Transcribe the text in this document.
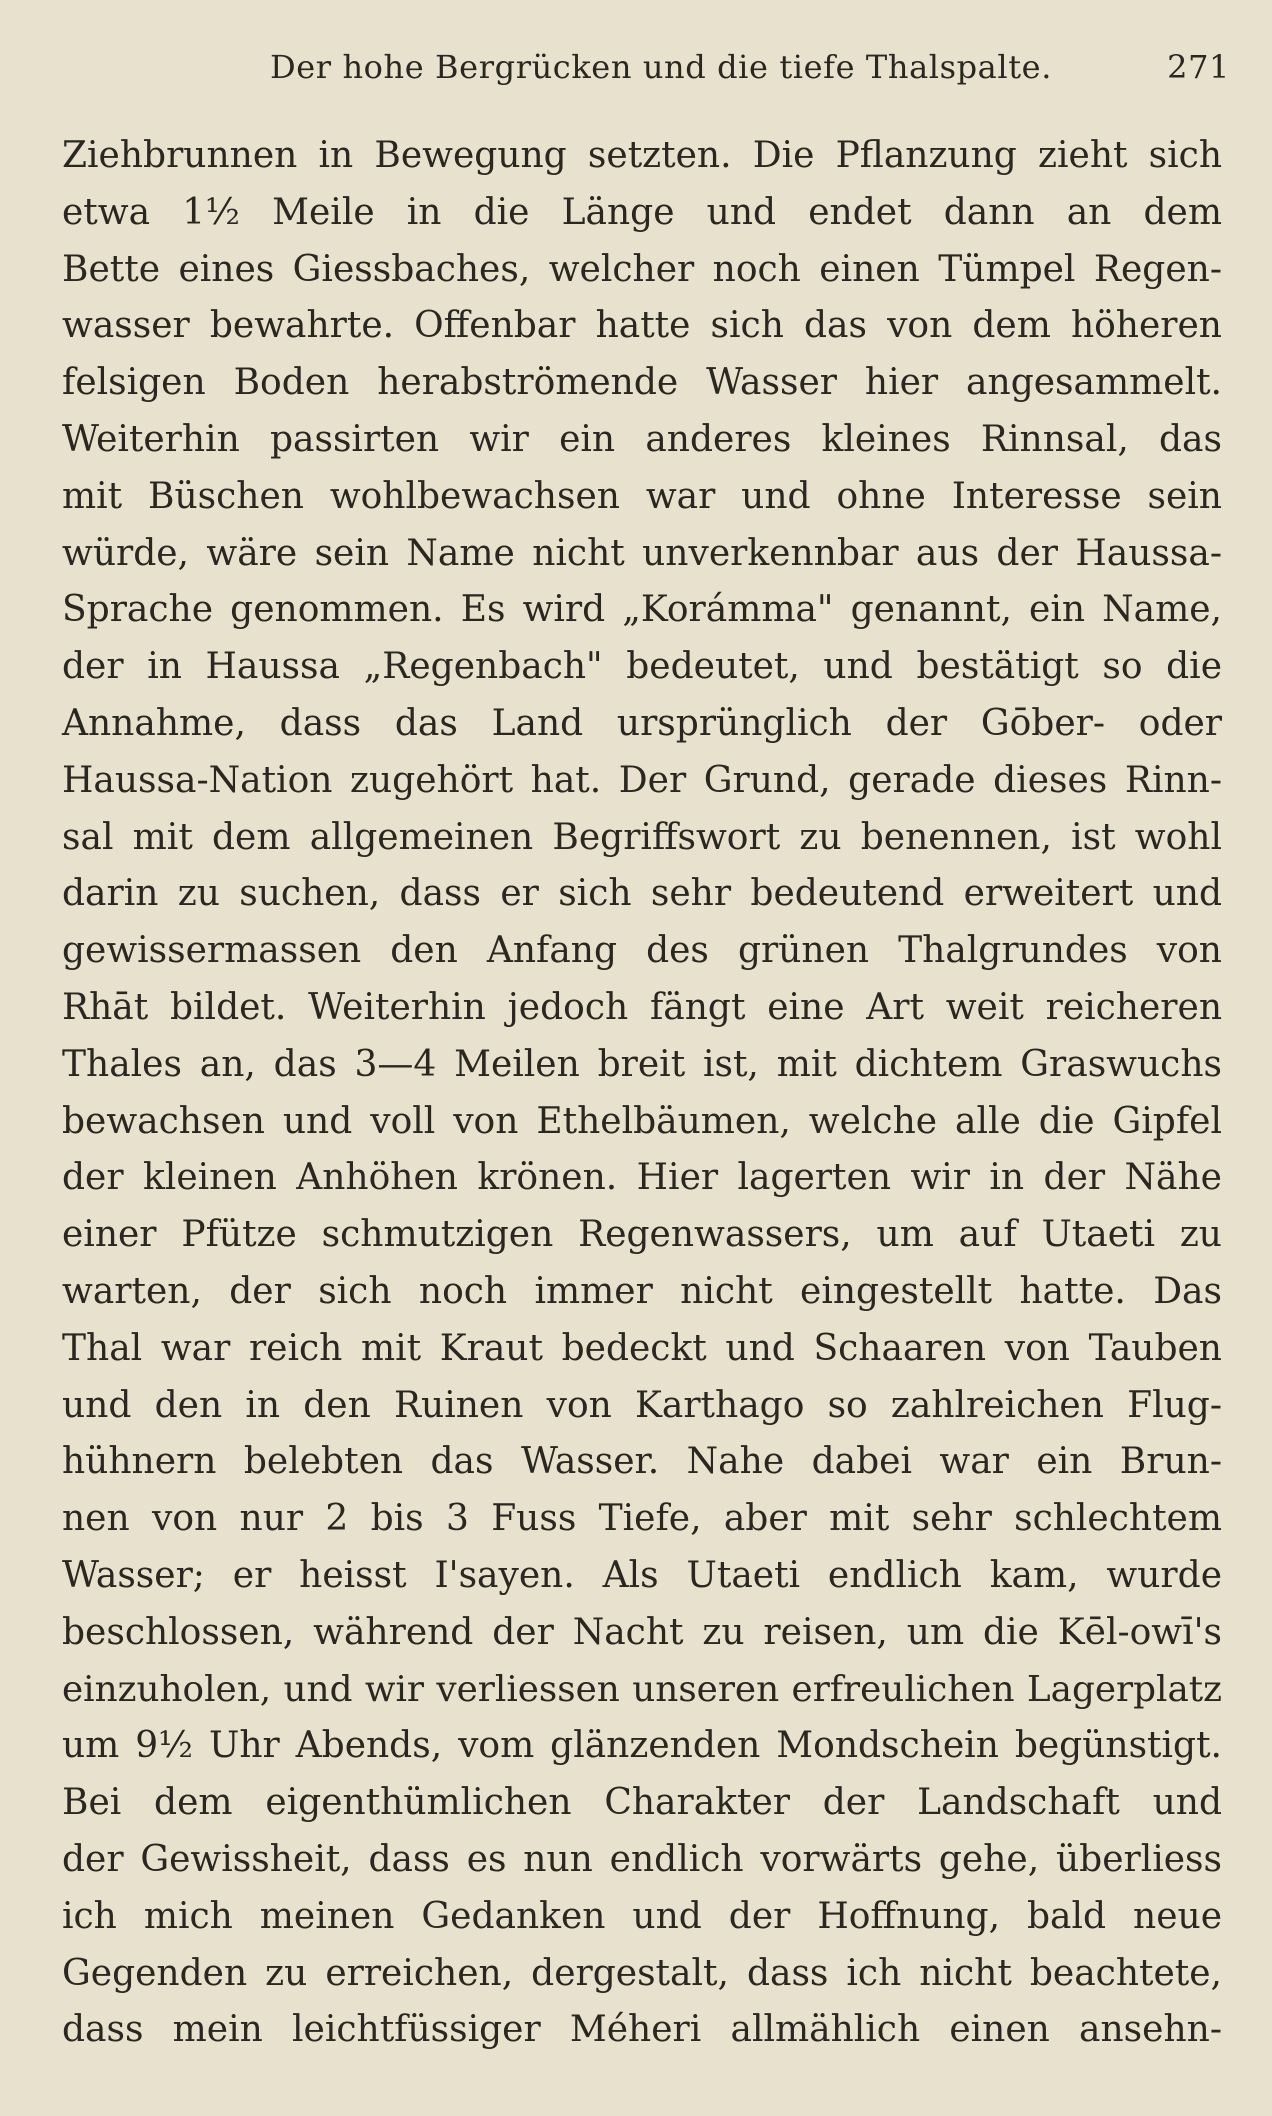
Der hohe Bergrücken und die tiefe Thalspalte.	271
Ziehbrunnen in Bewegung setzten. Die Pflanzung zieht sich
etwa 1½ Meile in die Länge und endet dann an dem
Bette eines Giessbaches, welcher noch einen Tümpel Regen-
wasser bewahrte. Offenbar hatte sich das von dem höheren
felsigen Boden herabströmende Wasser hier angesammelt.
Weiterhin passirten wir ein anderes kleines Rinnsal, das
mit Büschen wohlbewachsen war und ohne Interesse sein
würde, wäre sein Name nicht unverkennbar aus der Haussa-
Sprache genommen. Es wird „Korámma" genannt, ein Name,
der in Haussa „Regenbach" bedeutet, und bestätigt so die
Annahme, dass das Land ursprünglich der Gōber- oder
Haussa-Nation zugehört hat. Der Grund, gerade dieses Rinn-
sal mit dem allgemeinen Begriffswort zu benennen, ist wohl
darin zu suchen, dass er sich sehr bedeutend erweitert und
gewissermassen den Anfang des grünen Thalgrundes von
Rhāt bildet. Weiterhin jedoch fängt eine Art weit reicheren
Thales an, das 3—4 Meilen breit ist, mit dichtem Graswuchs
bewachsen und voll von Ethelbäumen, welche alle die Gipfel
der kleinen Anhöhen krönen. Hier lagerten wir in der Nähe
einer Pfütze schmutzigen Regenwassers, um auf Utaeti zu
warten, der sich noch immer nicht eingestellt hatte. Das
Thal war reich mit Kraut bedeckt und Schaaren von Tauben
und den in den Ruinen von Karthago so zahlreichen Flug-
hühnern belebten das Wasser. Nahe dabei war ein Brun-
nen von nur 2 bis 3 Fuss Tiefe, aber mit sehr schlechtem
Wasser; er heisst I'sayen. Als Utaeti endlich kam, wurde
beschlossen, während der Nacht zu reisen, um die Kēl-owī's
einzuholen, und wir verliessen unseren erfreulichen Lagerplatz
um 9½ Uhr Abends, vom glänzenden Mondschein begünstigt.
Bei dem eigenthümlichen Charakter der Landschaft und
der Gewissheit, dass es nun endlich vorwärts gehe, überliess
ich mich meinen Gedanken und der Hoffnung, bald neue
Gegenden zu erreichen, dergestalt, dass ich nicht beachtete,
dass mein leichtfüssiger Méheri allmählich einen ansehn-
